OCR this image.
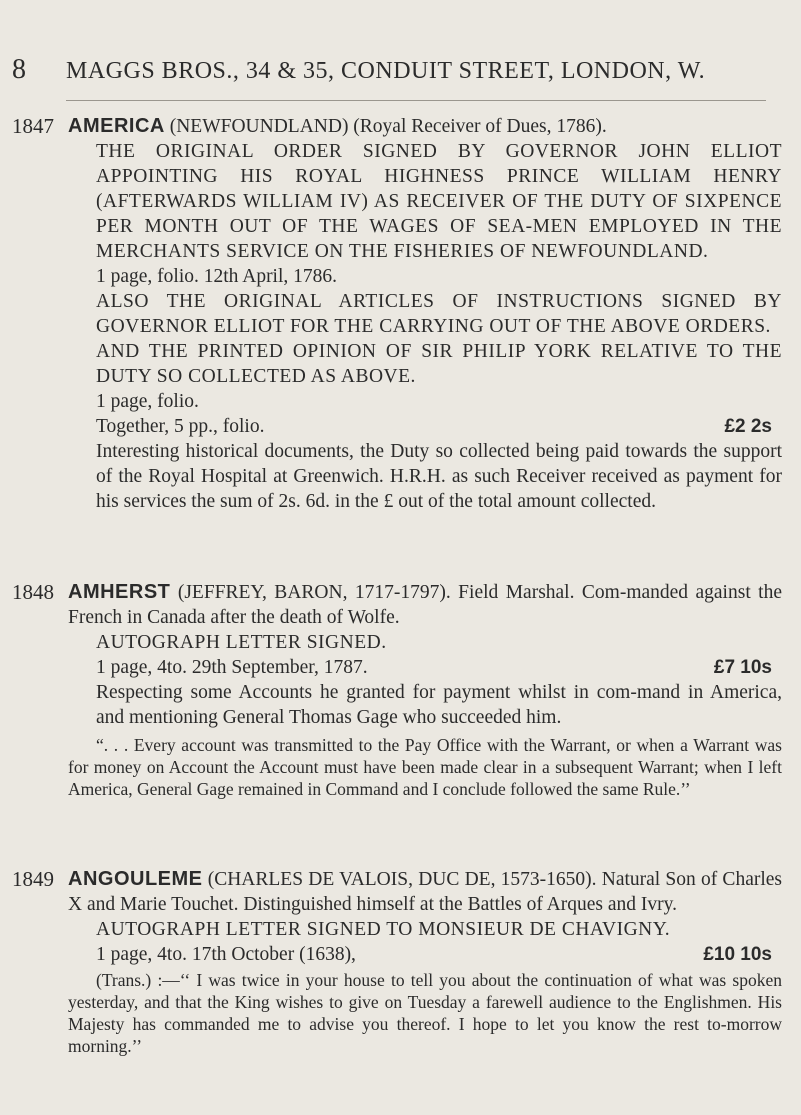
8 MAGGS BROS., 34 & 35, CONDUIT STREET, LONDON, W.
1847 AMERICA (NEWFOUNDLAND) (Royal Receiver of Dues, 1786).

THE ORIGINAL ORDER SIGNED BY GOVERNOR JOHN ELLIOT APPOINTING HIS ROYAL HIGHNESS PRINCE WILLIAM HENRY (AFTERWARDS WILLIAM IV) AS RECEIVER OF THE DUTY OF SIXPENCE PER MONTH OUT OF THE WAGES OF SEA-MEN EMPLOYED IN THE MERCHANTS SERVICE ON THE FISHERIES OF NEWFOUNDLAND.

1 page, folio. 12th April, 1786.

ALSO THE ORIGINAL ARTICLES OF INSTRUCTIONS SIGNED BY GOVERNOR ELLIOT FOR THE CARRYING OUT OF THE ABOVE ORDERS.

AND THE PRINTED OPINION OF SIR PHILIP YORK RELATIVE TO THE DUTY SO COLLECTED AS ABOVE.

1 page, folio.

Together, 5 pp., folio.	£2 2s

Interesting historical documents, the Duty so collected being paid towards the support of the Royal Hospital at Greenwich. H.R.H. as such Receiver received as payment for his services the sum of 2s. 6d. in the £ out of the total amount collected.

1848 AMHERST (JEFFREY, BARON, 1717-1797). Field Marshal. Com-manded against the French in Canada after the death of Wolfe.

AUTOGRAPH LETTER SIGNED.

1 page, 4to. 29th September, 1787.	£7 10s

Respecting some Accounts he granted for payment whilst in com-mand in America, and mentioning General Thomas Gage who succeeded him.

“. . . Every account was transmitted to the Pay Office with the Warrant, or when a Warrant was for money on Account the Account must have been made clear in a subsequent Warrant; when I left America, General Gage remained in Command and I conclude followed the same Rule.’’

1849 ANGOULEME (CHARLES DE VALOIS, DUC DE, 1573-1650). Natural Son of Charles X and Marie Touchet. Distinguished himself at the Battles of Arques and Ivry.

AUTOGRAPH LETTER SIGNED TO MONSIEUR DE CHAVIGNY.

1 page, 4to. 17th October (1638),	£10 10s

(Trans.) :—‘‘ I was twice in your house to tell you about the continuation of what was spoken yesterday, and that the King wishes to give on Tuesday a farewell audience to the Englishmen. His Majesty has commanded me to advise you thereof. I hope to let you know the rest to-morrow morning.’’
